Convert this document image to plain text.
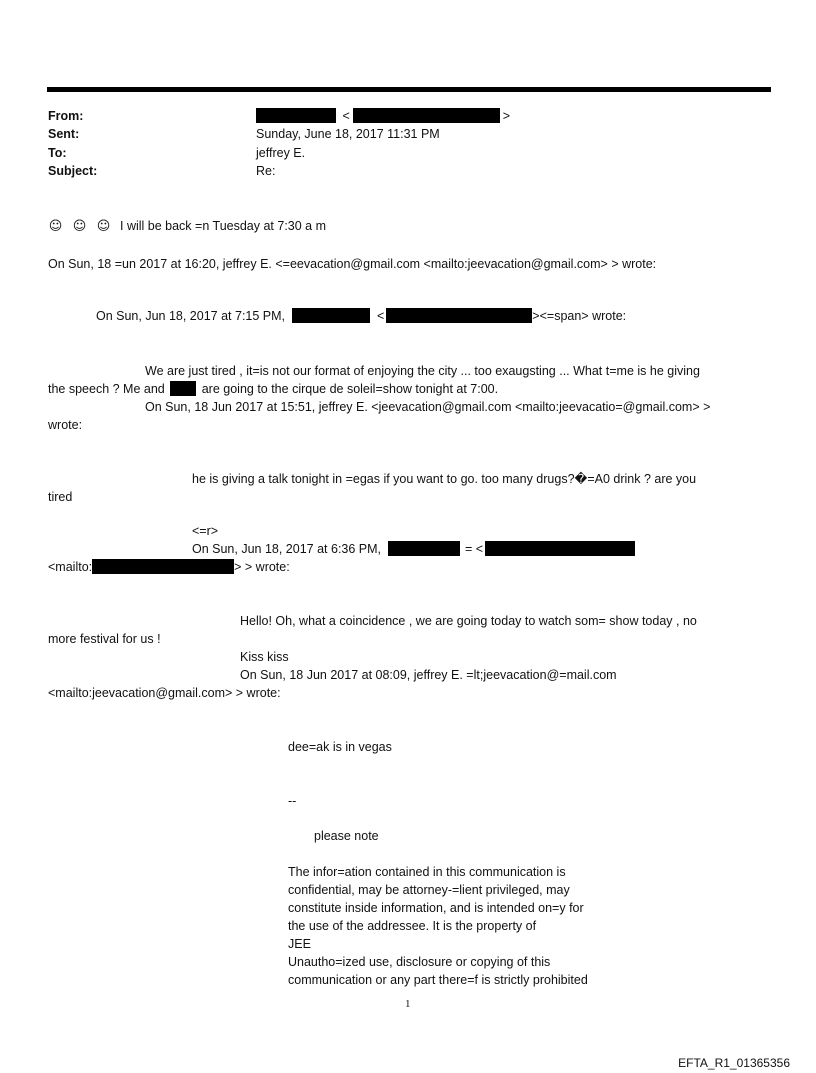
From:	<	>
Sent:	Sunday, June 18, 2017 11:31 PM
To:	jeffrey E.
Subject:	Re:
☺ ☺ ☺ I will be back =n Tuesday at 7:30 a m
On Sun, 18 =un 2017 at 16:20, jeffrey E. <=eevacation@gmail.com <mailto:jeevacation@gmail.com> > wrote:
On Sun, Jun 18, 2017 at 7:15 PM,	<	><=span> wrote:
We are just tired , it=is not our format of enjoying the city ... too exaugsting ... What t=me is he giving
the speech ? Me and	are going to the cirque de soleil=show tonight at 7:00.
On Sun, 18 Jun 2017 at 15:51, jeffrey E. <jeevacation@gmail.com <mailto:jeevacatio=@gmail.com> >
wrote:
he is giving a talk tonight in =egas if you want to go. too many drugs?�=A0 drink ? are you
tired
<=r>
On Sun, Jun 18, 2017 at 6:36 PM,	= <
<mailto:	> > wrote:
Hello! Oh, what a coincidence , we are going today to watch som= show today , no
more festival for us !
Kiss kiss
On Sun, 18 Jun 2017 at 08:09, jeffrey E. =lt;jeevacation@=mail.com
<mailto:jeevacation@gmail.com> > wrote:
dee=ak is in vegas
--
please note
The infor=ation contained in this communication is
confidential, may be attorney-=lient privileged, may
constitute inside information, and is intended on=y for
the use of the addressee. It is the property of
JEE
Unautho=ized use, disclosure or copying of this
communication or any part there=f is strictly prohibited
1
EFTA_R1_01365356
